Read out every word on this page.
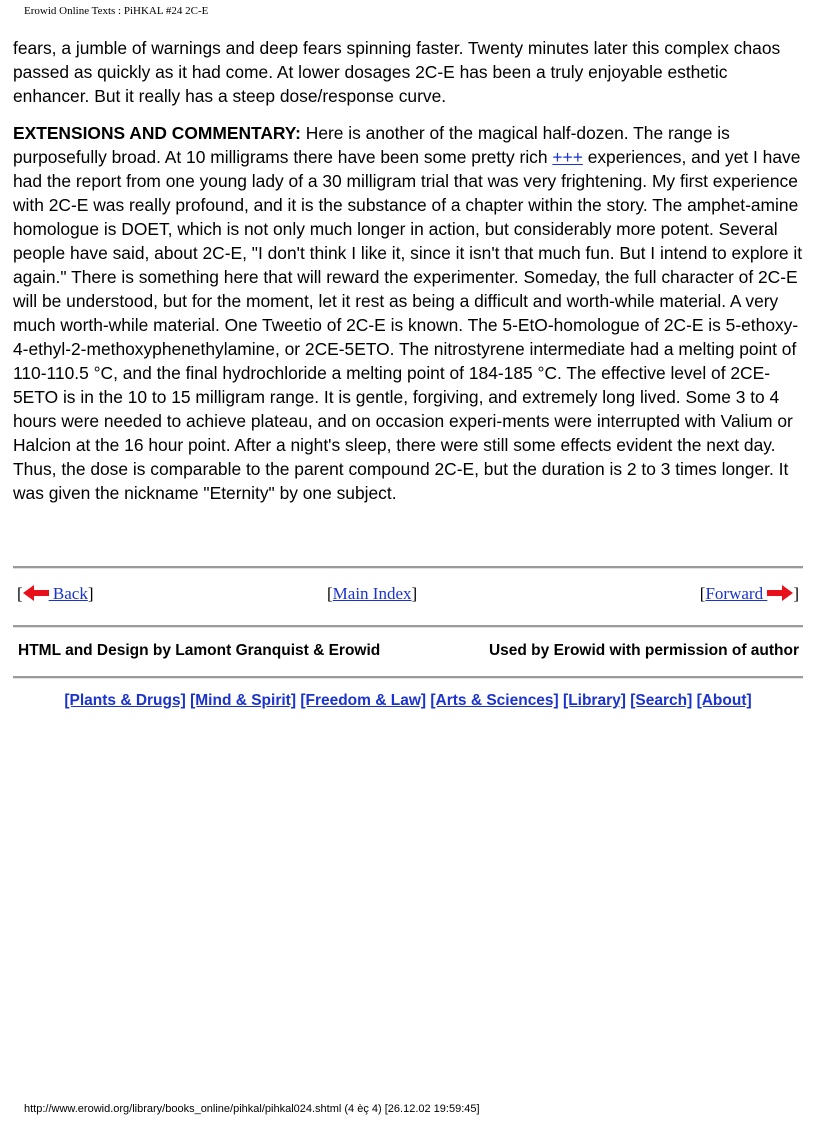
Erowid Online Texts : PiHKAL #24 2C-E

fears, a jumble of warnings and deep fears spinning faster. Twenty minutes later this complex chaos passed as quickly as it had come. At lower dosages 2C-E has been a truly enjoyable esthetic enhancer. But it really has a steep dose/response curve.

EXTENSIONS AND COMMENTARY: Here is another of the magical half-dozen. The range is purposefully broad. At 10 milligrams there have been some pretty rich +++ experiences, and yet I have had the report from one young lady of a 30 milligram trial that was very frightening. My first experience with 2C-E was really profound, and it is the substance of a chapter within the story. The amphet-amine homologue is DOET, which is not only much longer in action, but considerably more potent. Several people have said, about 2C-E, "I don't think I like it, since it isn't that much fun. But I intend to explore it again." There is something here that will reward the experimenter. Someday, the full character of 2C-E will be understood, but for the moment, let it rest as being a difficult and worth-while material. A very much worth-while material. One Tweetio of 2C-E is known. The 5-EtO-homologue of 2C-E is 5-ethoxy-4-ethyl-2-methoxyphenethylamine, or 2CE-5ETO. The nitrostyrene intermediate had a melting point of 110-110.5 °C, and the final hydrochloride a melting point of 184-185 °C. The effective level of 2CE-5ETO is in the 10 to 15 milligram range. It is gentle, forgiving, and extremely long lived. Some 3 to 4 hours were needed to achieve plateau, and on occasion experi-ments were interrupted with Valium or Halcion at the 16 hour point. After a night's sleep, there were still some effects evident the next day. Thus, the dose is comparable to the parent compound 2C-E, but the duration is 2 to 3 times longer. It was given the nickname "Eternity" by one subject.

[ Back]	[Main Index]	[Forward ]
HTML and Design by Lamont Granquist & Erowid	Used by Erowid with permission of author
[Plants & Drugs] [Mind & Spirit] [Freedom & Law] [Arts & Sciences] [Library] [Search] [About]
http://www.erowid.org/library/books_online/pihkal/pihkal024.shtml (4 èç 4) [26.12.02 19:59:45]
